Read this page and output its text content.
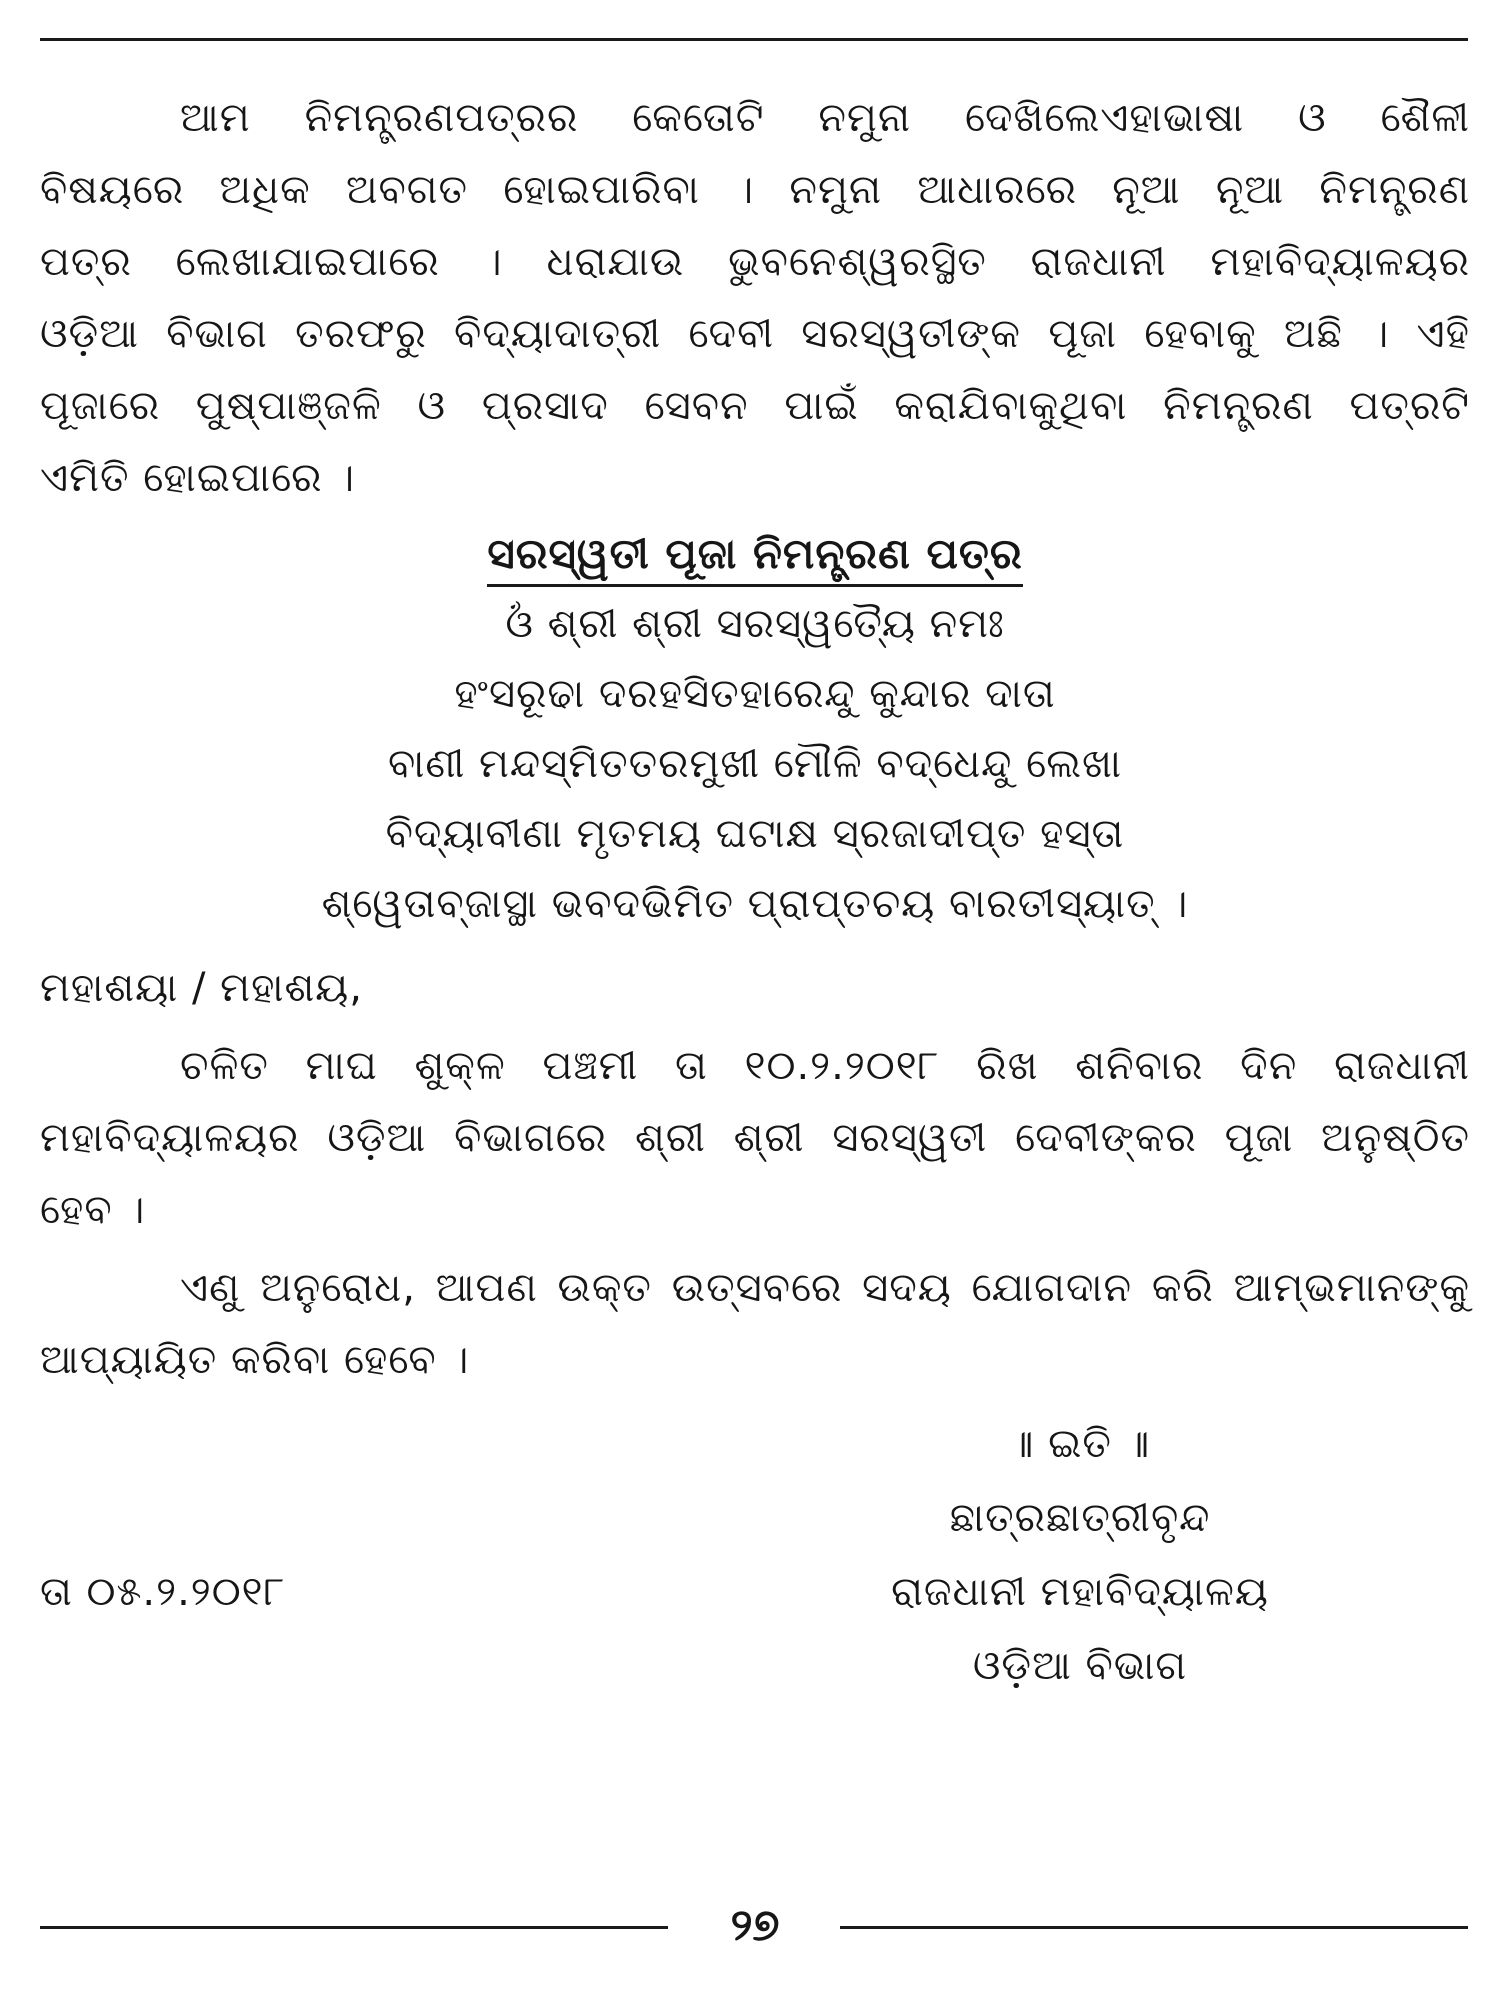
ଆମ ନିମନ୍ତ୍ରଣପତ୍ରର କେତୋଟି ନମୁନା ଦେଖିଲେଏହାଭାଷା ଓ ଶୈଳୀ
ବିଷୟରେ ଅଧିକ ଅବଗତ ହୋଇପାରିବା । ନମୁନା ଆଧାରରେ ନୂଆ ନୂଆ ନିମନ୍ତ୍ରଣ
ପତ୍ର ଲେଖାଯାଇପାରେ । ଧରାଯାଉ ଭୁବନେଶ୍ୱରସ୍ଥିତ ରାଜଧାନୀ ମହାବିଦ୍ୟାଳୟର
ଓଡ଼ିଆ ବିଭାଗ ତରଫରୁ ବିଦ୍ୟାଦାତ୍ରୀ ଦେବୀ ସରସ୍ୱତୀଙ୍କ ପୂଜା ହେବାକୁ ଅଛି । ଏହି
ପୂଜାରେ ପୁଷ୍ପାଞ୍ଜଳି ଓ ପ୍ରସାଦ ସେବନ ପାଇଁ କରାଯିବାକୁଥିବା ନିମନ୍ତ୍ରଣ ପତ୍ରଟି
ଏମିତି ହୋଇପାରେ ।
ସରସ୍ୱତୀ ପୂଜା ନିମନ୍ତ୍ରଣ ପତ୍ର
ଓଁ ଶ୍ରୀ ଶ୍ରୀ ସରସ୍ୱତ୍ୟୈ ନମଃ
ହଂସରୂଢା ଦରହସିତହାରେନ୍ଦୁ କୁନ୍ଦାର ଦାତା
ବାଣୀ ମନ୍ଦସ୍ମିତତରମୁଖୀ ମୌଳି ବଦ୍ଧେନ୍ଦୁ ଲେଖା
ବିଦ୍ୟାବୀଣା ମୃତମୟ ଘଟାକ୍ଷ ସ୍ରଜାଦୀପ୍ତ ହସ୍ତା
ଶ୍ୱେତାବ୍‌ଜାସ୍ଥା ଭବଦଭିମିତ ପ୍ରାପ୍ତଚୟ ବାରତୀସ୍ୟାତ୍ ।
ମହାଶୟା / ମହାଶୟ,
ଚଳିତ ମାଘ ଶୁକ୍ଳ ପଞ୍ଚମୀ ତା ୧୦.୨.୨୦୧୮ ରିଖ ଶନିବାର ଦିନ ରାଜଧାନୀ
ମହାବିଦ୍ୟାଳୟର ଓଡ଼ିଆ ବିଭାଗରେ ଶ୍ରୀ ଶ୍ରୀ ସରସ୍ୱତୀ ଦେବୀଙ୍କର ପୂଜା ଅନୁଷ୍ଠିତ
ହେବ ।
ଏଣୁ ଅନୁରୋଧ, ଆପଣ ଉକ୍ତ ଉତ୍ସବରେ ସଦୟ ଯୋଗଦାନ କରି ଆମ୍ଭମାନଙ୍କୁ
ଆପ୍ୟାୟିତ କରିବା ହେବେ ।
॥ ଇତି ॥
ଛାତ୍ରଛାତ୍ରୀବୃନ୍ଦ
ତା ୦୫.୨.୨୦୧୮	ରାଜଧାନୀ ମହାବିଦ୍ୟାଳୟ
ଓଡ଼ିଆ ବିଭାଗ
୨୭
